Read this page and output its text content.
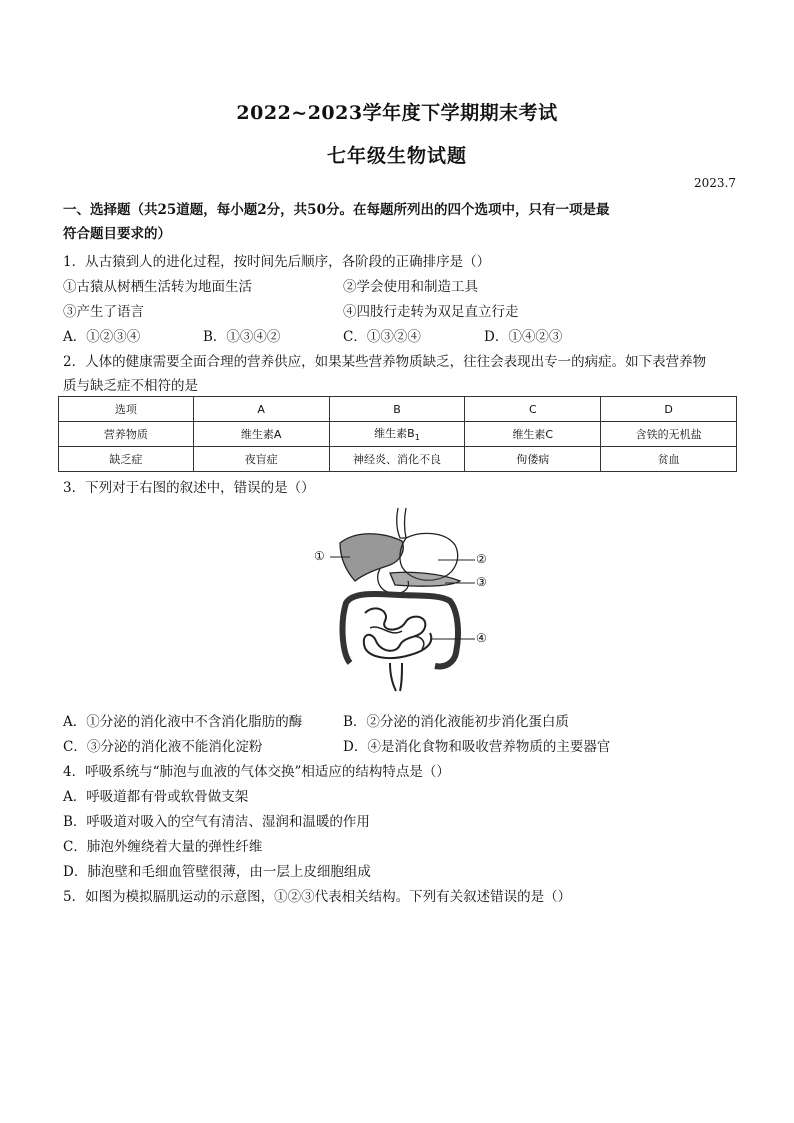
2022~2023学年度下学期期末考试
七年级生物试题
2023.7
一、选择题（共25道题，每小题2分，共50分。在每题所列出的四个选项中，只有一项是最
符合题目要求的）
1．从古猿到人的进化过程，按时间先后顺序，各阶段的正确排序是（）
①古猿从树栖生活转为地面生活	②学会使用和制造工具
③产生了语言	④四肢行走转为双足直立行走
A．①②③④	B．①③④②	C．①③②④	D．①④②③
2．人体的健康需要全面合理的营养供应，如果某些营养物质缺乏，往往会表现出专一的病症。如下表营养物
质与缺乏症不相符的是
选项	A	B	C	D
营养物质	维生素A	维生素$B_1$	维生素C	含铁的无机盐
缺乏症	夜盲症	神经炎、消化不良	佝偻病	贫血
3．下列对于右图的叙述中，错误的是（）
①	②
③
④
A．①分泌的消化液中不含消化脂肪的酶	B．②分泌的消化液能初步消化蛋白质
C．③分泌的消化液不能消化淀粉	D．④是消化食物和吸收营养物质的主要器官
4．呼吸系统与“肺泡与血液的气体交换”相适应的结构特点是（）
A．呼吸道都有骨或软骨做支架
B．呼吸道对吸入的空气有清洁、湿润和温暖的作用
C．肺泡外缠绕着大量的弹性纤维
D．肺泡壁和毛细血管壁很薄，由一层上皮细胞组成
5．如图为模拟膈肌运动的示意图，①②③代表相关结构。下列有关叙述错误的是（）
